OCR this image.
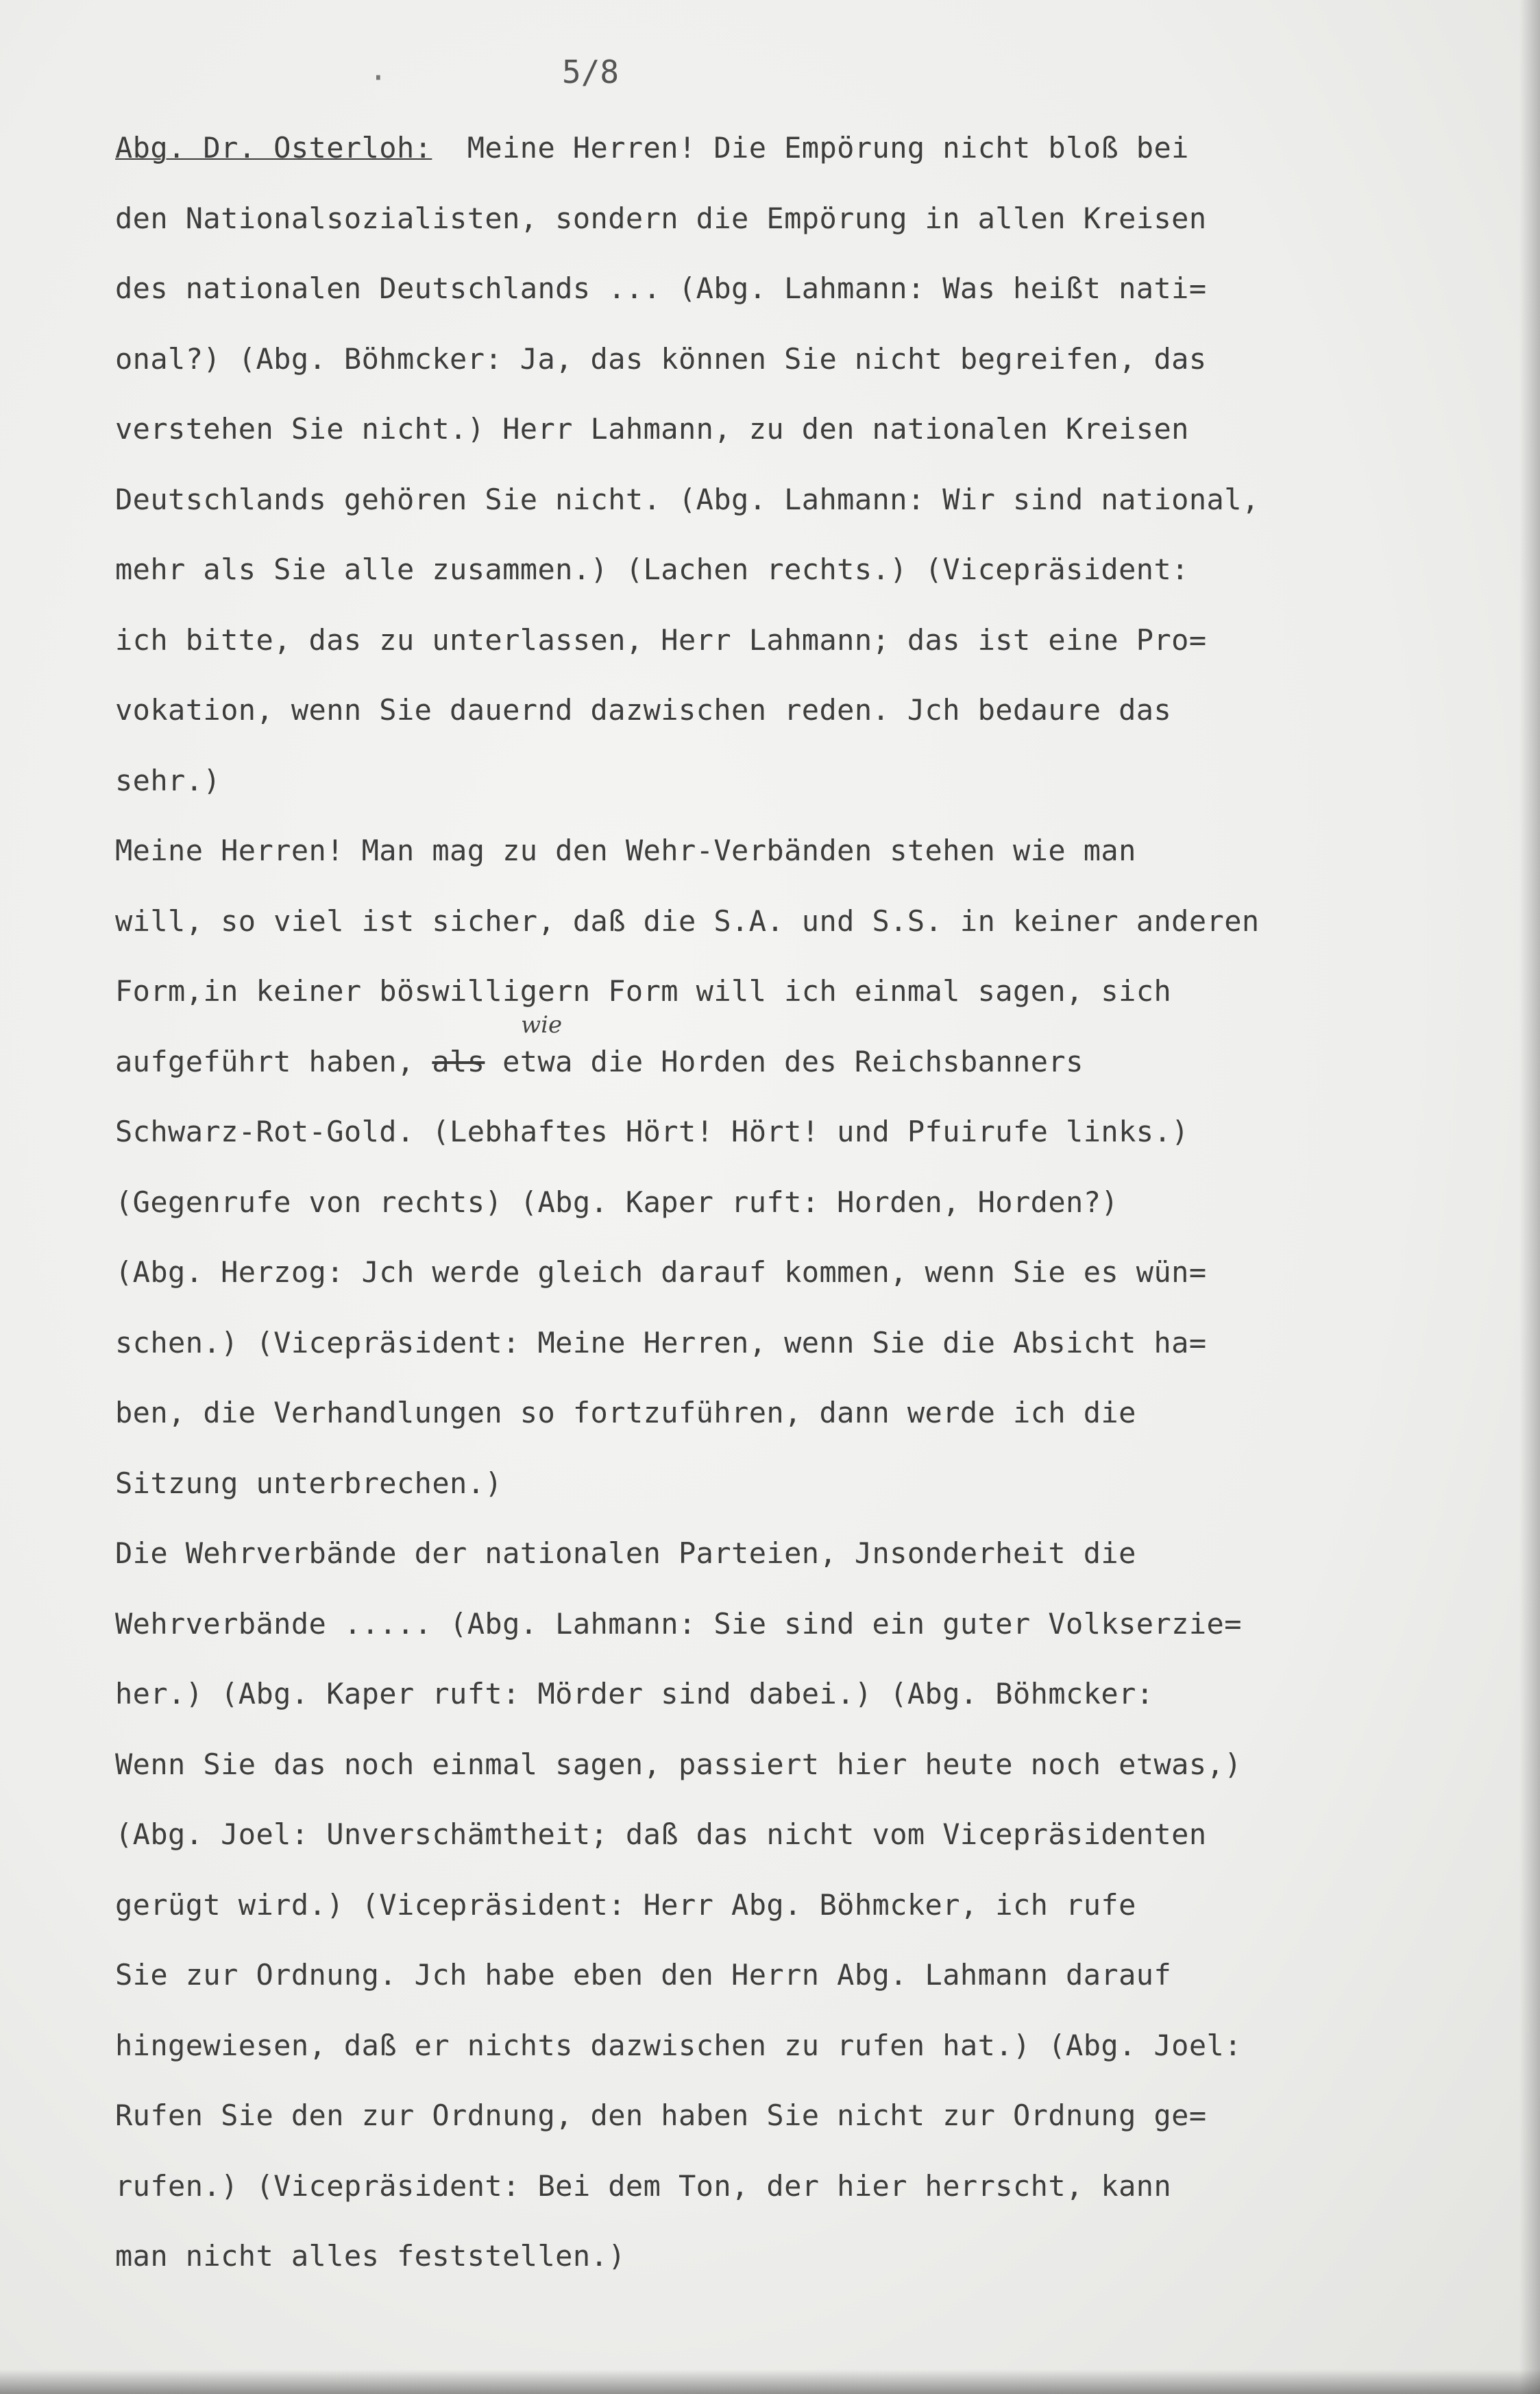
·	5/8
wie
Abg. Dr. Osterloh: Meine Herren! Die Empörung nicht bloß bei
den Nationalsozialisten, sondern die Empörung in allen Kreisen
des nationalen Deutschlands ... (Abg. Lahmann: Was heißt nati=
onal?) (Abg. Böhmcker: Ja, das können Sie nicht begreifen, das
verstehen Sie nicht.) Herr Lahmann, zu den nationalen Kreisen
Deutschlands gehören Sie nicht. (Abg. Lahmann: Wir sind national,
mehr als Sie alle zusammen.) (Lachen rechts.) (Vicepräsident:
ich bitte, das zu unterlassen, Herr Lahmann; das ist eine Pro=
vokation, wenn Sie dauernd dazwischen reden. Jch bedaure das
sehr.)
Meine Herren! Man mag zu den Wehr-Verbänden stehen wie man
will, so viel ist sicher, daß die S.A. und S.S. in keiner anderen
Form,in keiner böswilligern Form will ich einmal sagen, sich
aufgeführt haben, als etwa die Horden des Reichsbanners
Schwarz-Rot-Gold. (Lebhaftes Hört! Hört! und Pfuirufe links.)
(Gegenrufe von rechts) (Abg. Kaper ruft: Horden, Horden?)
(Abg. Herzog: Jch werde gleich darauf kommen, wenn Sie es wün=
schen.) (Vicepräsident: Meine Herren, wenn Sie die Absicht ha=
ben, die Verhandlungen so fortzuführen, dann werde ich die
Sitzung unterbrechen.)
Die Wehrverbände der nationalen Parteien, Jnsonderheit die
Wehrverbände ..... (Abg. Lahmann: Sie sind ein guter Volkserzie=
her.) (Abg. Kaper ruft: Mörder sind dabei.) (Abg. Böhmcker:
Wenn Sie das noch einmal sagen, passiert hier heute noch etwas,)
(Abg. Joel: Unverschämtheit; daß das nicht vom Vicepräsidenten
gerügt wird.) (Vicepräsident: Herr Abg. Böhmcker, ich rufe
Sie zur Ordnung. Jch habe eben den Herrn Abg. Lahmann darauf
hingewiesen, daß er nichts dazwischen zu rufen hat.) (Abg. Joel:
Rufen Sie den zur Ordnung, den haben Sie nicht zur Ordnung ge=
rufen.) (Vicepräsident: Bei dem Ton, der hier herrscht, kann
man nicht alles feststellen.)
